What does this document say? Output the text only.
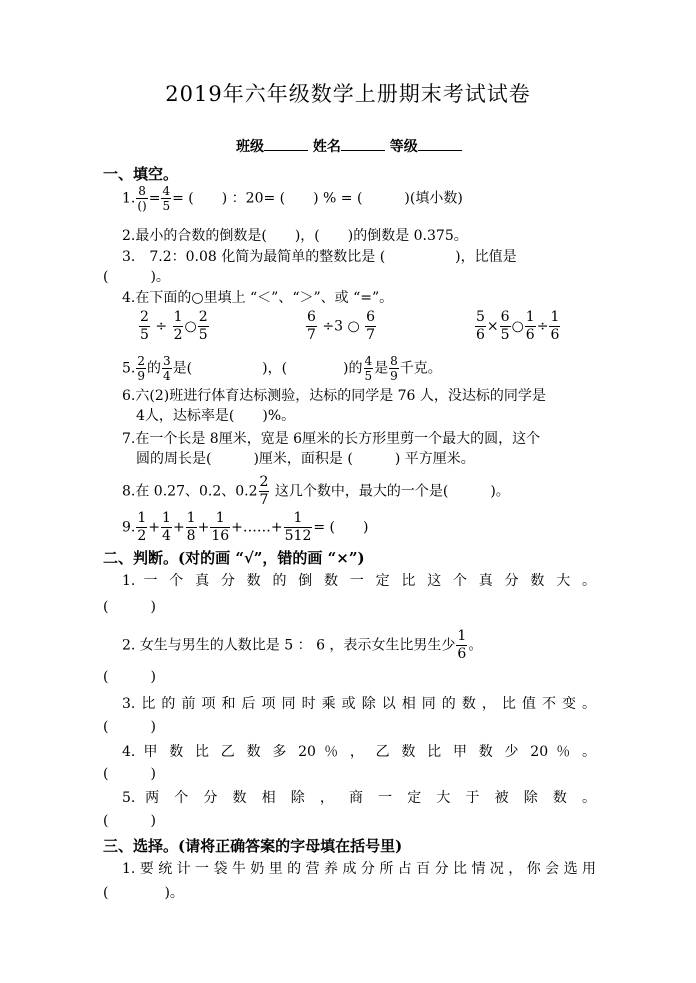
2019年六年级数学上册期末考试试卷
班级	姓名	等级
一、填空。
1. $\frac{8}{()} = \frac{4}{5}$ = (　　) ：20= (　　) % = (　　　)(填小数)
2.最小的合数的倒数是(　　)，(　　)的倒数是 0.375。
3.　7.2：0.08 化简为最简单的整数比是 (　　　　　)，比值是
(　　　)。
4.在下面的○里填上 “＜”、“＞”、或 “=”。
$\frac{2}{5} \div \frac{1}{2}$ ○ $\frac{2}{5}$	$\frac{6}{7} \div 3$ ○ $\frac{6}{7}$	$\frac{5}{6} \times \frac{6}{5}$ ○ $\frac{1}{6} \div \frac{1}{6}$
5. $\frac{2}{9}$ 的 $\frac{3}{4}$ 是(　　　　　)，(　　　　)的 $\frac{4}{5}$ 是 $\frac{8}{9}$ 千克。
6.六(2)班进行体育达标测验，达标的同学是 76 人，没达标的同学是
4人，达标率是(　　)%。
7.在一个长是 8厘米，宽是 6厘米的长方形里剪一个最大的圆，这个
圆的周长是(　　　)厘米，面积是 (　　　) 平方厘米。
8.在 0.27、0.2、$0.2 \frac{2}{7}$ 这几个数中，最大的一个是(　　　)。
9. $\frac{1}{2} + \frac{1}{4} + \frac{1}{8} + \frac{1}{16}$ +……+ $\frac{1}{512}$ = (　　)
二、判断。(对的画 “√”，错的画 “×”)
1. 一 个 真 分 数 的 倒 数 一 定 比 这 个 真 分 数 大 。
(　　　)
2. 女生与男生的人数比是 5 ： 6 ，表示女生比男生少 $\frac{1}{6}$ 。
(　　　)
3.比的前项和后项同时乘或除以相同的数，比值不变。
(　　　)
4. 甲 数 比 乙 数 多 20 ％ ， 乙 数 比 甲 数 少 20 ％ 。
(　　　)
5. 两 个 分 数 相 除 ， 商 一 定 大 于 被 除 数 。
(　　　)
三、选择。(请将正确答案的字母填在括号里)
1.要统计一袋牛奶里的营养成分所占百分比情况，你会选用
(　　　　)。
